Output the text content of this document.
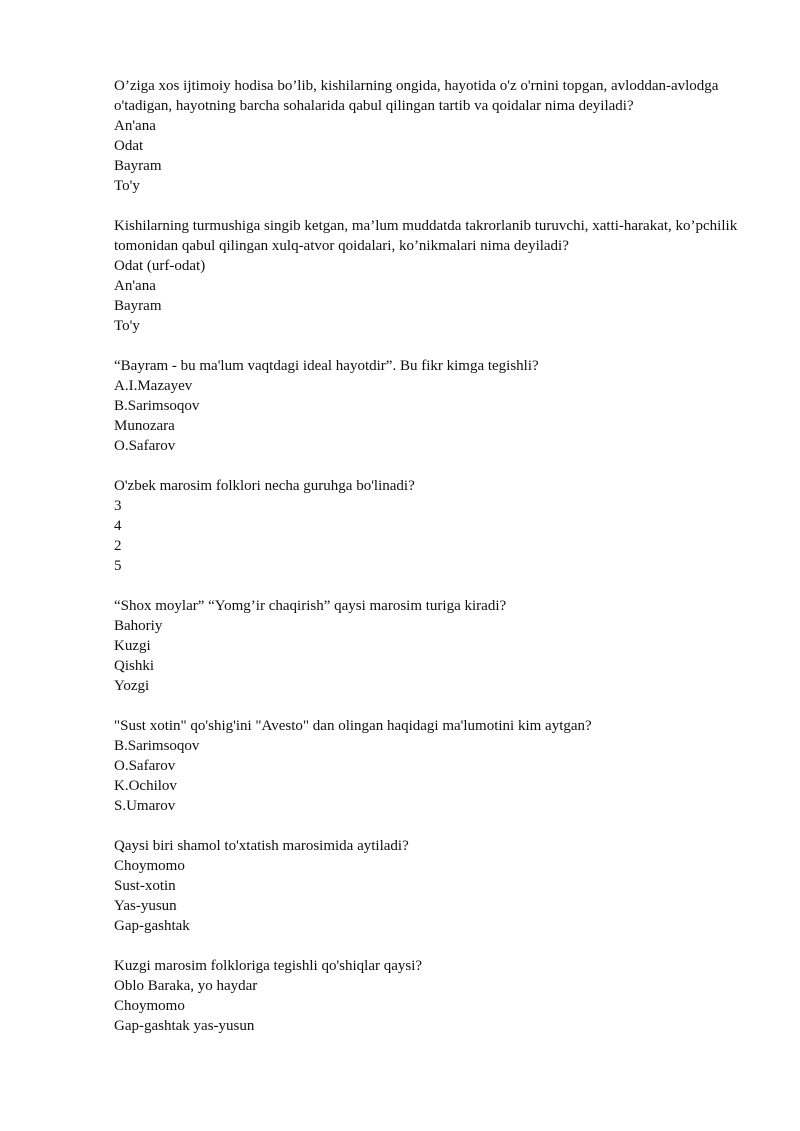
O’ziga xos ijtimoiy hodisa bo’lib, kishilarning ongida, hayotida o'z o'rnini topgan, avloddan-avlodga o'tadigan, hayotning barcha sohalarida qabul qilingan tartib va qoidalar nima deyiladi?

An'ana

Odat

Bayram

To'y

Kishilarning turmushiga singib ketgan, ma’lum muddatda takrorlanib turuvchi, xatti-harakat, ko’pchilik tomonidan qabul qilingan xulq-atvor qoidalari, ko’nikmalari nima deyiladi?

Odat (urf-odat)

An'ana

Bayram

To'y

“Bayram - bu ma'lum vaqtdagi ideal hayotdir”. Bu fikr kimga tegishli?

A.I.Mazayev

B.Sarimsoqov

Munozara

O.Safarov

O'zbek marosim folklori necha guruhga bo'linadi?

3

4

2

5

“Shox moylar” “Yomg’ir chaqirish” qaysi marosim turiga kiradi?

Bahoriy

Kuzgi

Qishki

Yozgi

"Sust xotin" qo'shig'ini "Avesto" dan olingan haqidagi ma'lumotini kim aytgan?

B.Sarimsoqov

O.Safarov

K.Ochilov

S.Umarov

Qaysi biri shamol to'xtatish marosimida aytiladi?

Choymomo

Sust-xotin

Yas-yusun

Gap-gashtak

Kuzgi marosim folkloriga tegishli qo'shiqlar qaysi?

Oblo Baraka, yo haydar

Choymomo

Gap-gashtak yas-yusun
